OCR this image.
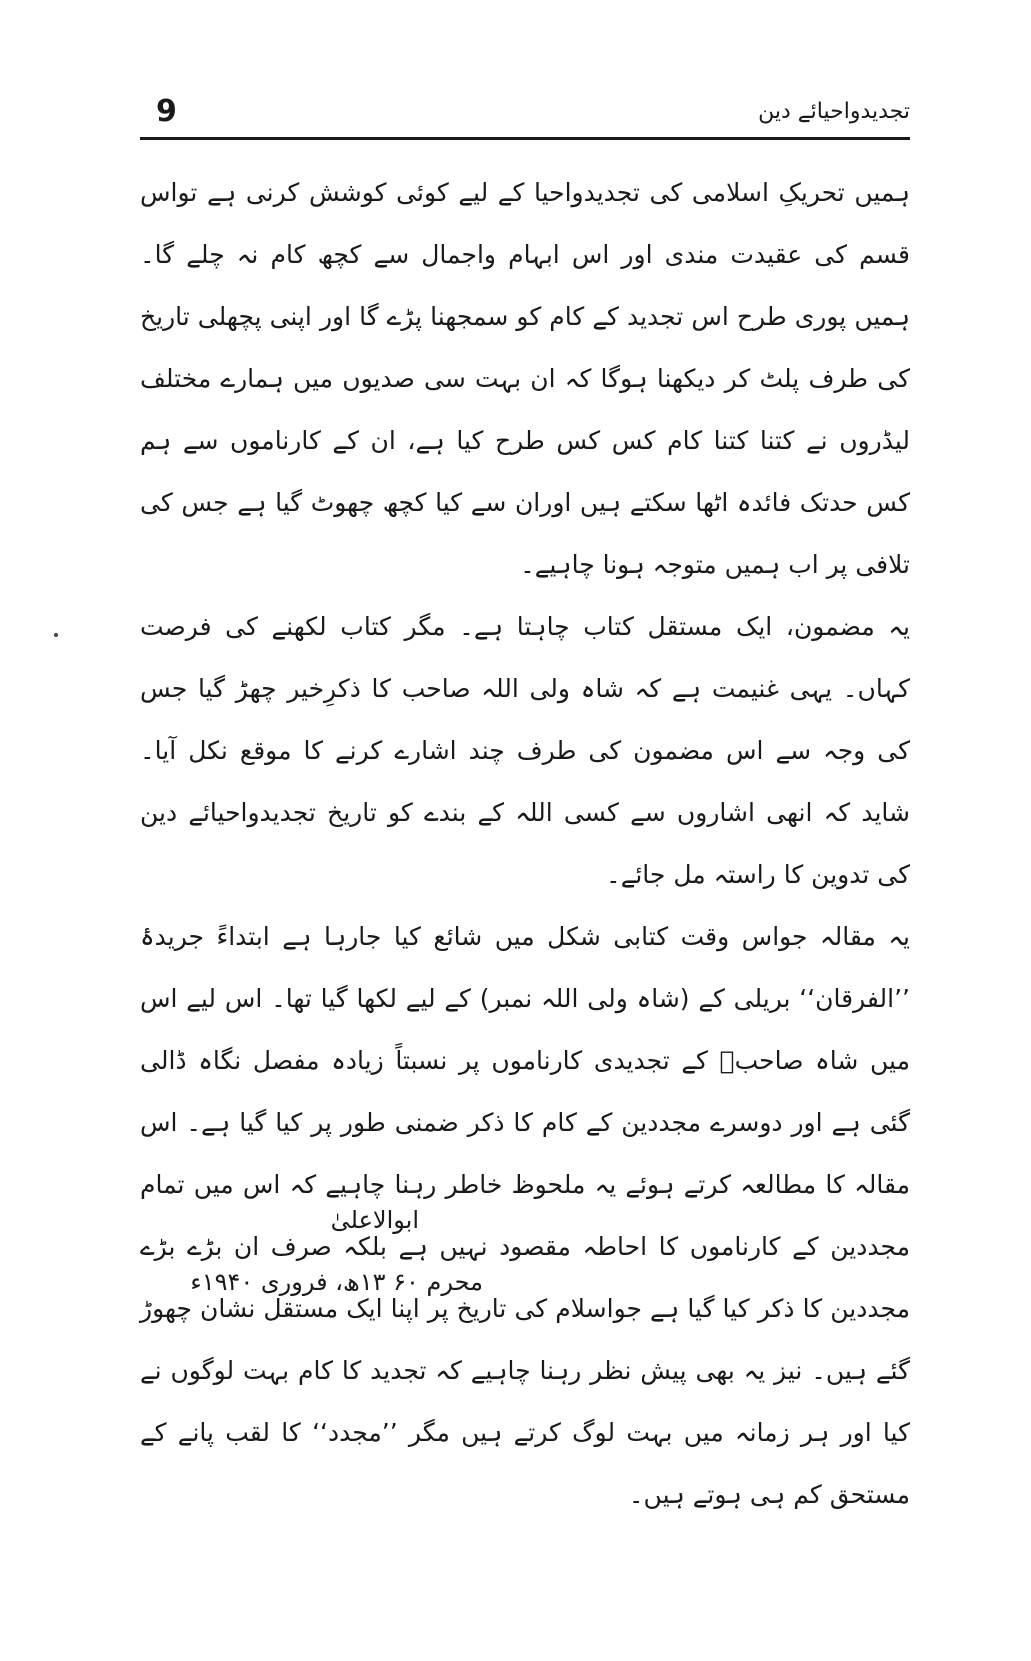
9	تجدیدواحیائے دین

ہمیں تحریکِ اسلامی کی تجدیدواحیا کے لیے کوئی کوشش کرنی ہے تواس قسم کی عقیدت مندی اور اس ابہام واجمال سے کچھ کام نہ چلے گا۔ ہمیں پوری طرح اس تجدید کے کام کو سمجھنا پڑے گا اور اپنی پچھلی تاریخ کی طرف پلٹ کر دیکھنا ہوگا کہ ان بہت سی صدیوں میں ہمارے مختلف لیڈروں نے کتنا کتنا کام کس کس طرح کیا ہے، ان کے کارناموں سے ہم کس حدتک فائدہ اٹھا سکتے ہیں اوران سے کیا کچھ چھوٹ گیا ہے جس کی تلافی پر اب ہمیں متوجہ ہونا چاہیے۔

یہ مضمون، ایک مستقل کتاب چاہتا ہے۔ مگر کتاب لکھنے کی فرصت کہاں۔ یہی غنیمت ہے کہ شاہ ولی اللہ صاحب کا ذکرِخیر چھڑ گیا جس کی وجہ سے اس مضمون کی طرف چند اشارے کرنے کا موقع نکل آیا۔ شاید کہ انھی اشاروں سے کسی اللہ کے بندے کو تاریخ تجدیدواحیائے دین کی تدوین کا راستہ مل جائے۔

یہ مقالہ جواس وقت کتابی شکل میں شائع کیا جارہا ہے ابتداءً جریدۂ ’’الفرقان‘‘ بریلی کے (شاہ ولی اللہ نمبر) کے لیے لکھا گیا تھا۔ اس لیے اس میں شاہ صاحبؒ کے تجدیدی کارناموں پر نسبتاً زیادہ مفصل نگاہ ڈالی گئی ہے اور دوسرے مجددین کے کام کا ذکر ضمنی طور پر کیا گیا ہے۔ اس مقالہ کا مطالعہ کرتے ہوئے یہ ملحوظ خاطر رہنا چاہیے کہ اس میں تمام مجددین کے کارناموں کا احاطہ مقصود نہیں ہے بلکہ صرف ان بڑے بڑے مجددین کا ذکر کیا گیا ہے جواسلام کی تاریخ پر اپنا ایک مستقل نشان چھوڑ گئے ہیں۔ نیز یہ بھی پیش نظر رہنا چاہیے کہ تجدید کا کام بہت لوگوں نے کیا اور ہر زمانہ میں بہت لوگ کرتے ہیں مگر ’’مجدد‘‘ کا لقب پانے کے مستحق کم ہی ہوتے ہیں۔

ابوالاعلیٰ
محرم ۶۰ ۱۳ھ، فروری ۱۹۴۰ء
